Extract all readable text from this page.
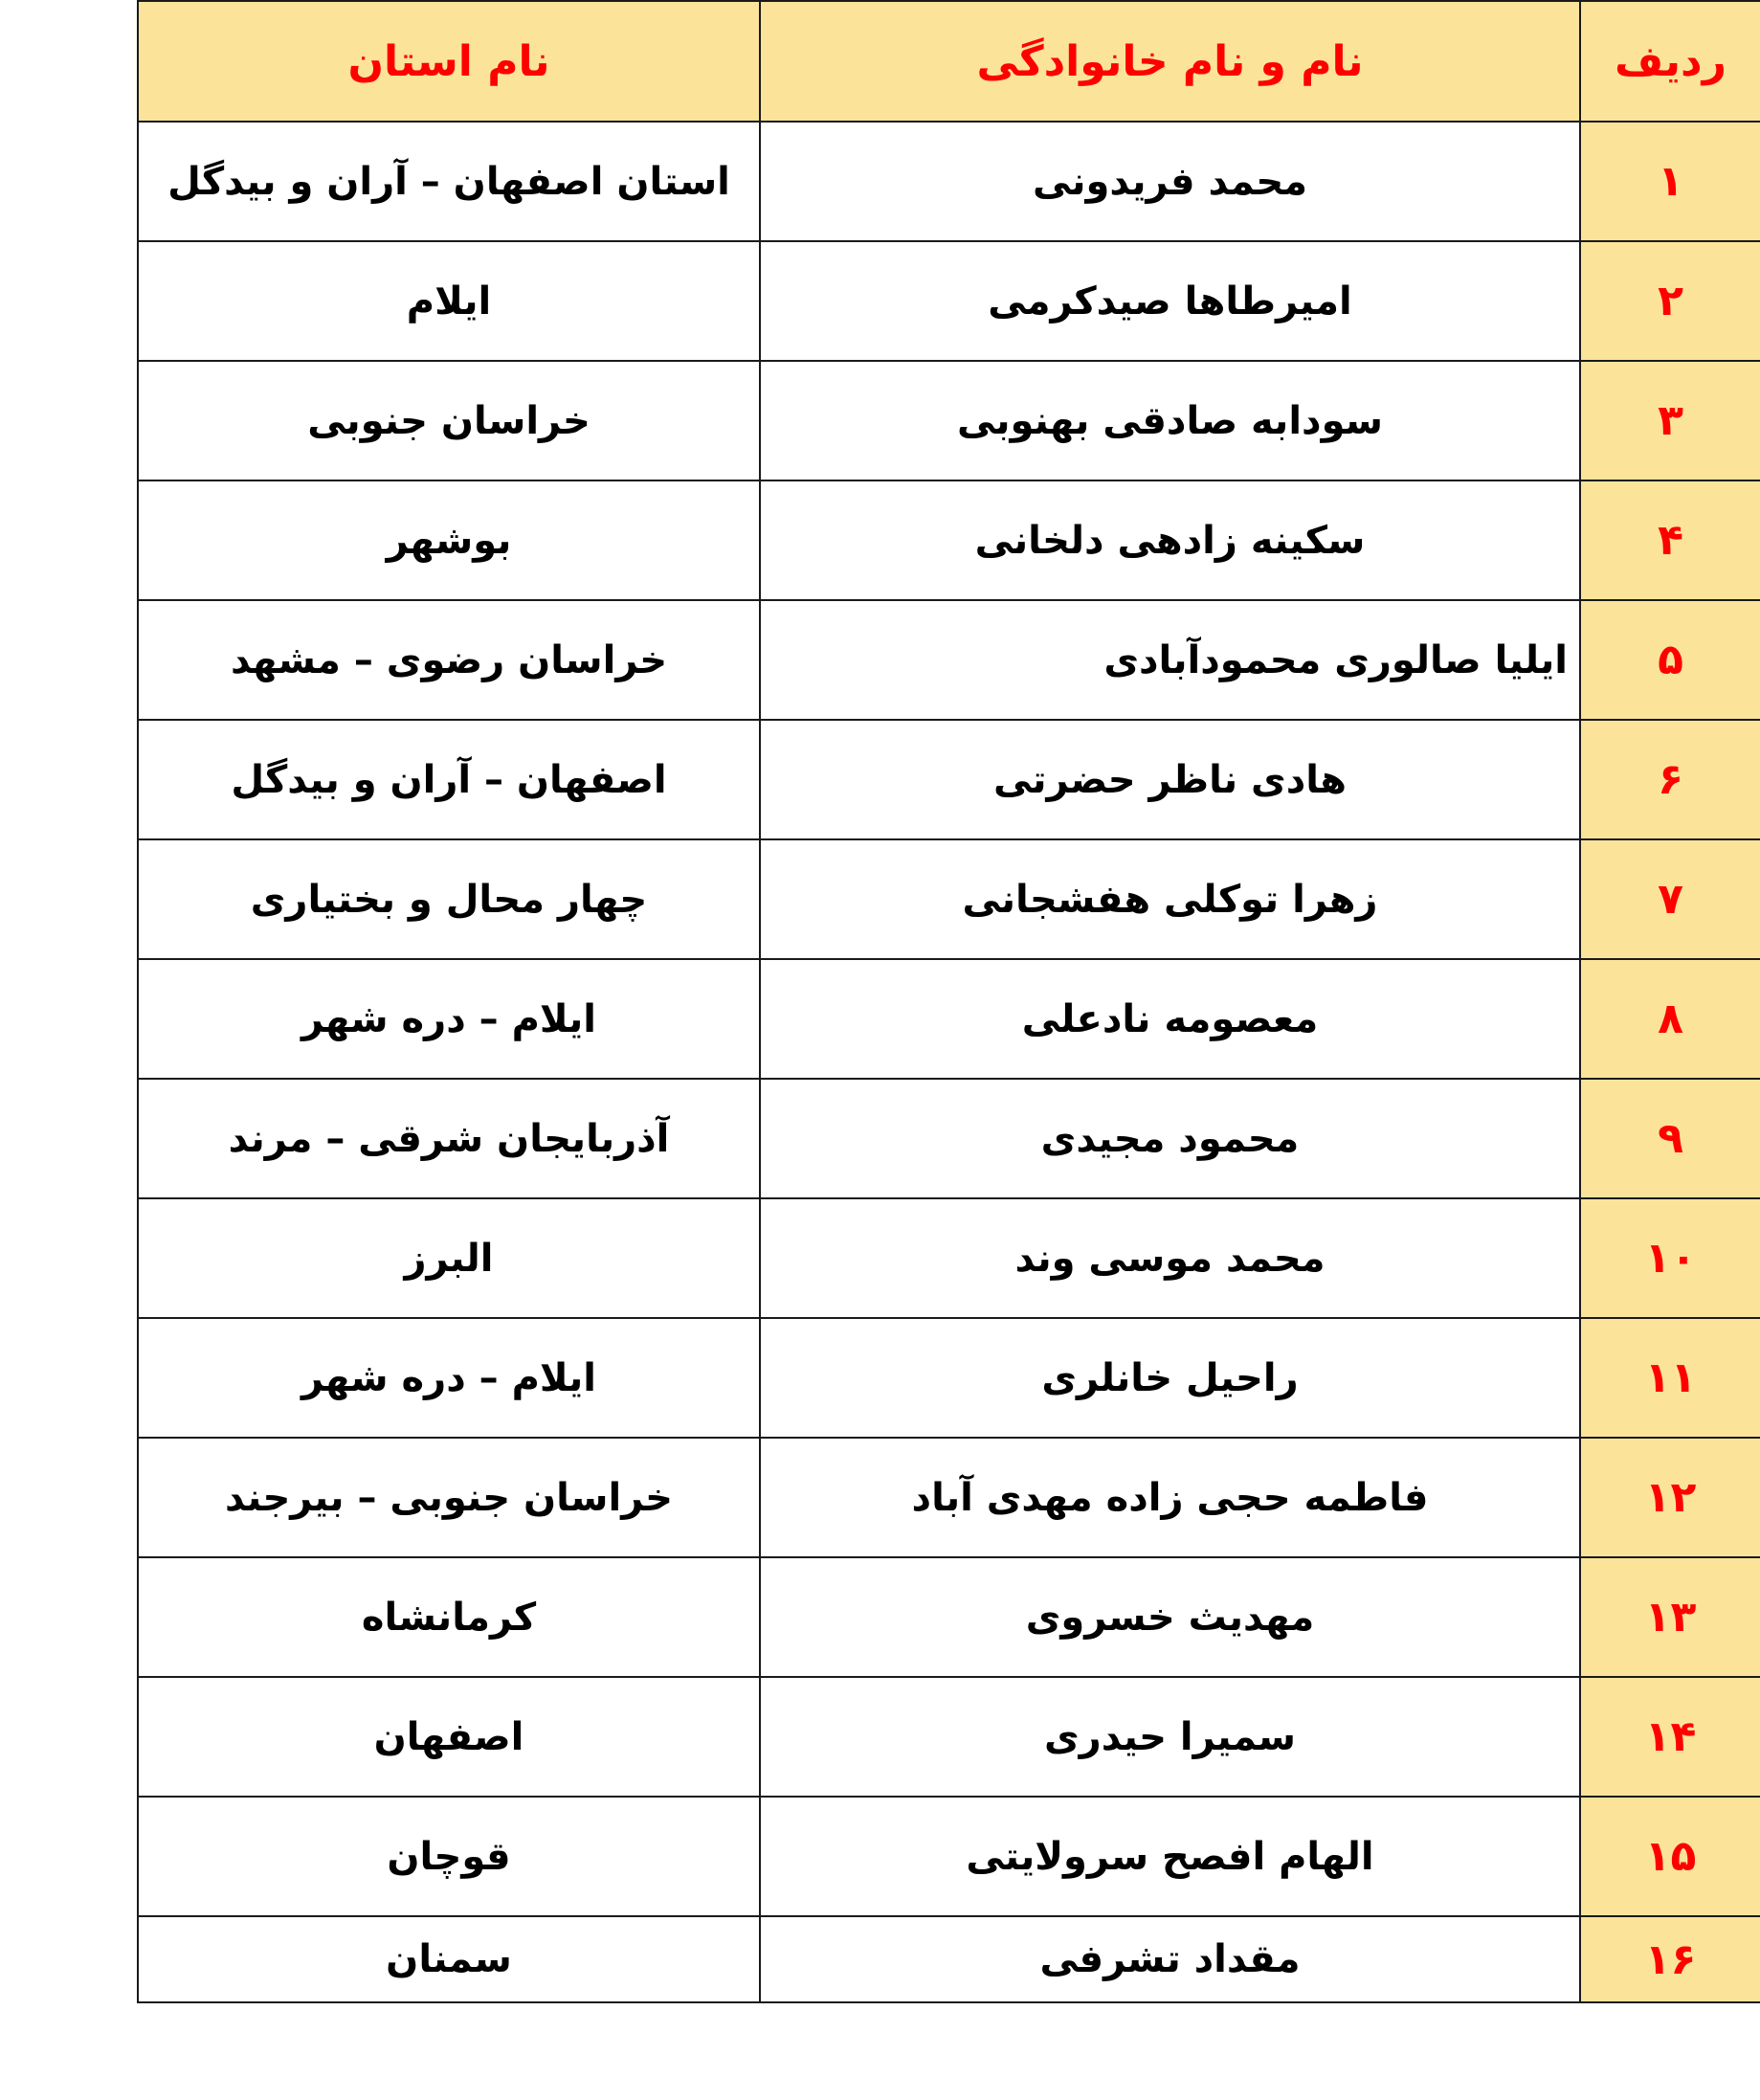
نام استان	نام و نام خانوادگی	ردیف
استان اصفهان – آران و بیدگل	محمد فریدونی	۱
ایلام	امیرطاها صیدکرمی	۲
خراسان جنوبی	سودابه صادقی بهنوبی	۳
بوشهر	سکینه زادهی دلخانی	۴
خراسان رضوی – مشهد	ایلیا صالوری محمودآبادی	۵
اصفهان – آران و بیدگل	هادی ناظر حضرتی	۶
چهار محال و بختیاری	زهرا توکلی هفشجانی	۷
ایلام – دره شهر	معصومه نادعلی	۸
آذربایجان شرقی – مرند	محمود مجیدی	۹
البرز	محمد موسی وند	۱۰
ایلام – دره شهر	راحیل خانلری	۱۱
خراسان جنوبی – بیرجند	فاطمه حجی زاده مهدی آباد	۱۲
کرمانشاه	مهدیث خسروی	۱۳
اصفهان	سمیرا حیدری	۱۴
قوچان	الهام افصح سرولایتی	۱۵
سمنان	مقداد تشرفی	۱۶
